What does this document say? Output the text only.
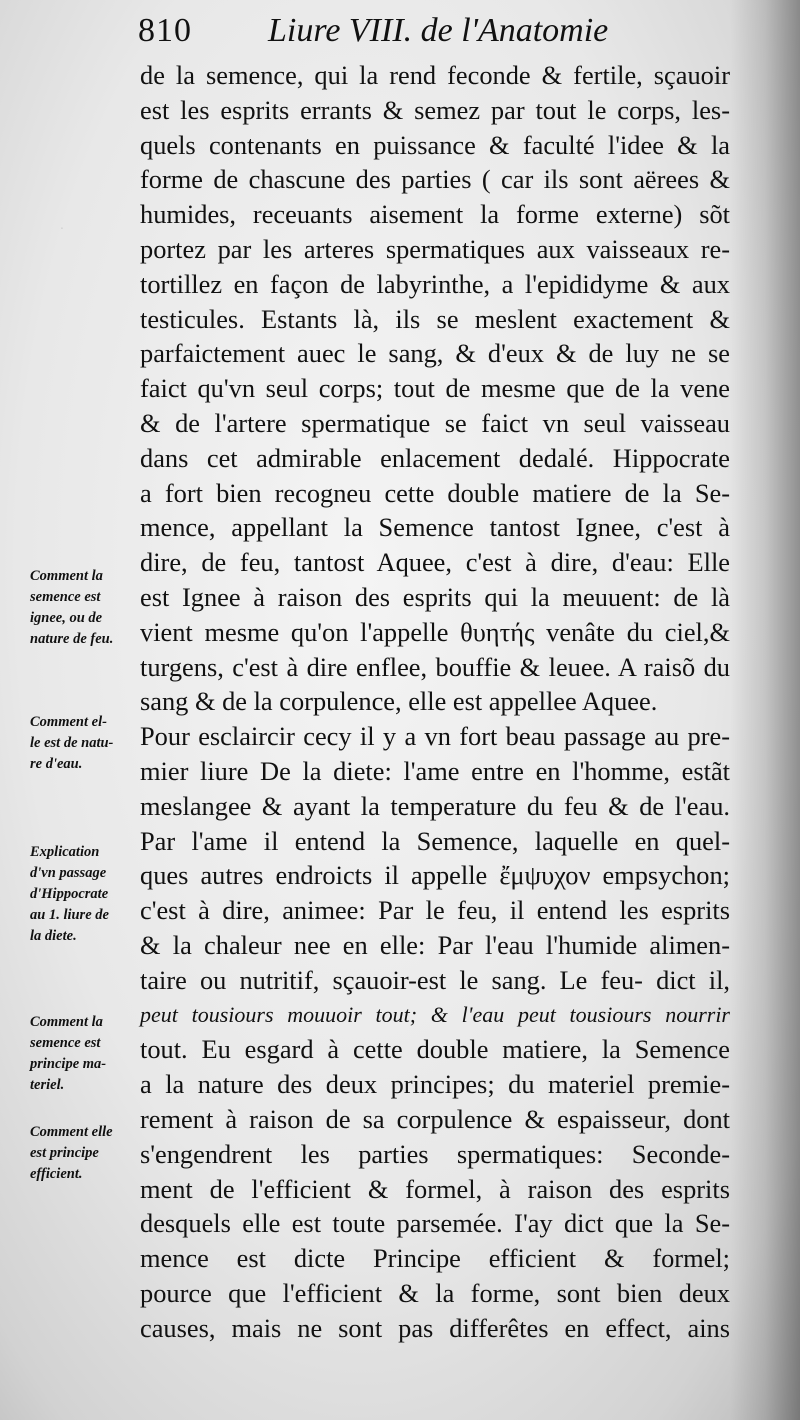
·
810 Liure VIII. de l'Anatomie
de la semence, qui la rend feconde & fertile, sçauoir
est les esprits errants & semez par tout le corps, les-
quels contenants en puissance & faculté l'idee & la
forme de chascune des parties ( car ils sont aërees &
humides, receuants aisement la forme externe) sõt
portez par les arteres spermatiques aux vaisseaux re-
tortillez en façon de labyrinthe, a l'epididyme & aux
testicules. Estants là, ils se meslent exactement &
parfaictement auec le sang, & d'eux & de luy ne se
faict qu'vn seul corps; tout de mesme que de la vene
& de l'artere spermatique se faict vn seul vaisseau
dans cet admirable enlacement dedalé. Hippocrate
a fort bien recogneu cette double matiere de la Se-
mence, appellant la Semence tantost Ignee, c'est à
dire, de feu, tantost Aquee, c'est à dire, d'eau: Elle
est Ignee à raison des esprits qui la meuuent: de là
vient mesme qu'on l'appelle θυητής venâte du ciel,&
turgens, c'est à dire enflee, bouffie & leuee. A raisõ du
sang & de la corpulence, elle est appellee Aquee.
Pour esclaircir cecy il y a vn fort beau passage au pre-
mier liure De la diete: l'ame entre en l'homme, estãt
meslangee & ayant la temperature du feu & de l'eau.
Par l'ame il entend la Semence, laquelle en quel-
ques autres endroicts il appelle ἔμψυχον empsychon;
c'est à dire, animee: Par le feu, il entend les esprits
& la chaleur nee en elle: Par l'eau l'humide alimen-
taire ou nutritif, sçauoir-est le sang. Le feu- dict il,
peut tousiours mouuoir tout; & l'eau peut tousiours nourrir
tout. Eu esgard à cette double matiere, la Semence
a la nature des deux principes; du materiel premie-
rement à raison de sa corpulence & espaisseur, dont
s'engendrent les parties spermatiques: Seconde-
ment de l'efficient & formel, à raison des esprits
desquels elle est toute parsemée. I'ay dict que la Se-
mence est dicte Principe efficient & formel;
pource que l'efficient & la forme, sont bien deux
causes, mais ne sont pas differêtes en effect, ains
Comment la
semence est
ignee, ou de
nature de feu.
Comment el-
le est de natu-
re d'eau.
Explication
d'vn passage
d'Hippocrate
au 1. liure de
la diete.
Comment la
semence est
principe ma-
teriel.
Comment elle
est principe
efficient.
